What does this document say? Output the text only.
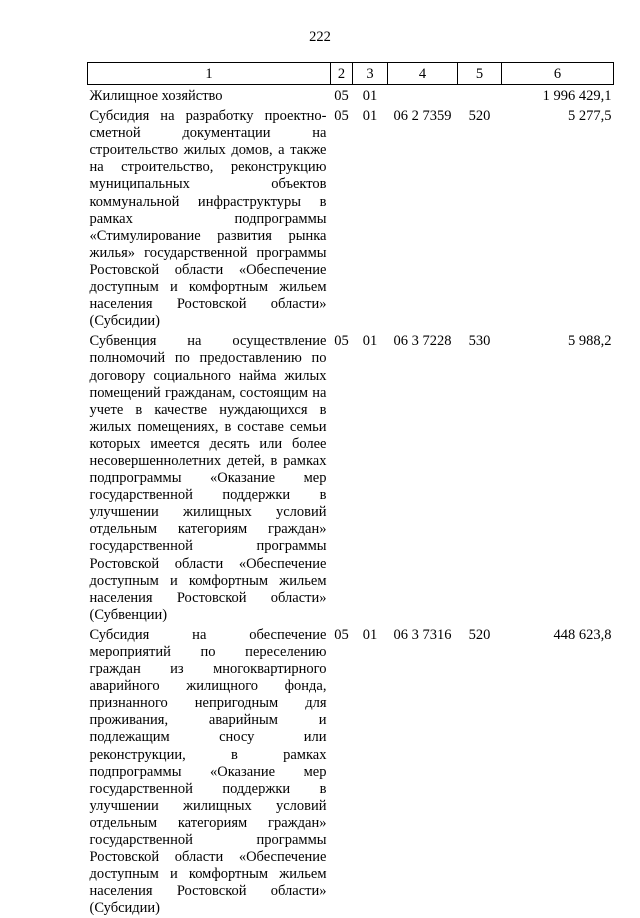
222
1	2	3	4	5	6
Жилищное хозяйство	05	01			1 996 429,1
Субсидия на разработку проектно-сметной документации на строительство жилых домов, а также на строительство, реконструкцию муниципальных объектов коммунальной инфраструктуры в рамках подпрограммы «Стимулирование развития рынка жилья» государственной программы Ростовской области «Обеспечение доступным и комфортным жильем населения Ростовской области» (Субсидии)	05	01	06 2 7359	520	5 277,5
Субвенция на осуществление полномочий по предоставлению по договору социального найма жилых помещений гражданам, состоящим на учете в качестве нуждающихся в жилых помещениях, в составе семьи которых имеется десять или более несовершеннолетних детей, в рамках подпрограммы «Оказание мер государственной поддержки в улучшении жилищных условий отдельным категориям граждан» государственной программы Ростовской области «Обеспечение доступным и комфортным жильем населения Ростовской области» (Субвенции)	05	01	06 3 7228	530	5 988,2
Субсидия на обеспечение мероприятий по переселению граждан из многоквартирного аварийного жилищного фонда, признанного непригодным для проживания, аварийным и подлежащим сносу или реконструкции, в рамках подпрограммы «Оказание мер государственной поддержки в улучшении жилищных условий отдельным категориям граждан» государственной программы Ростовской области «Обеспечение доступным и комфортным жильем населения Ростовской области» (Субсидии)	05	01	06 3 7316	520	448 623,8
